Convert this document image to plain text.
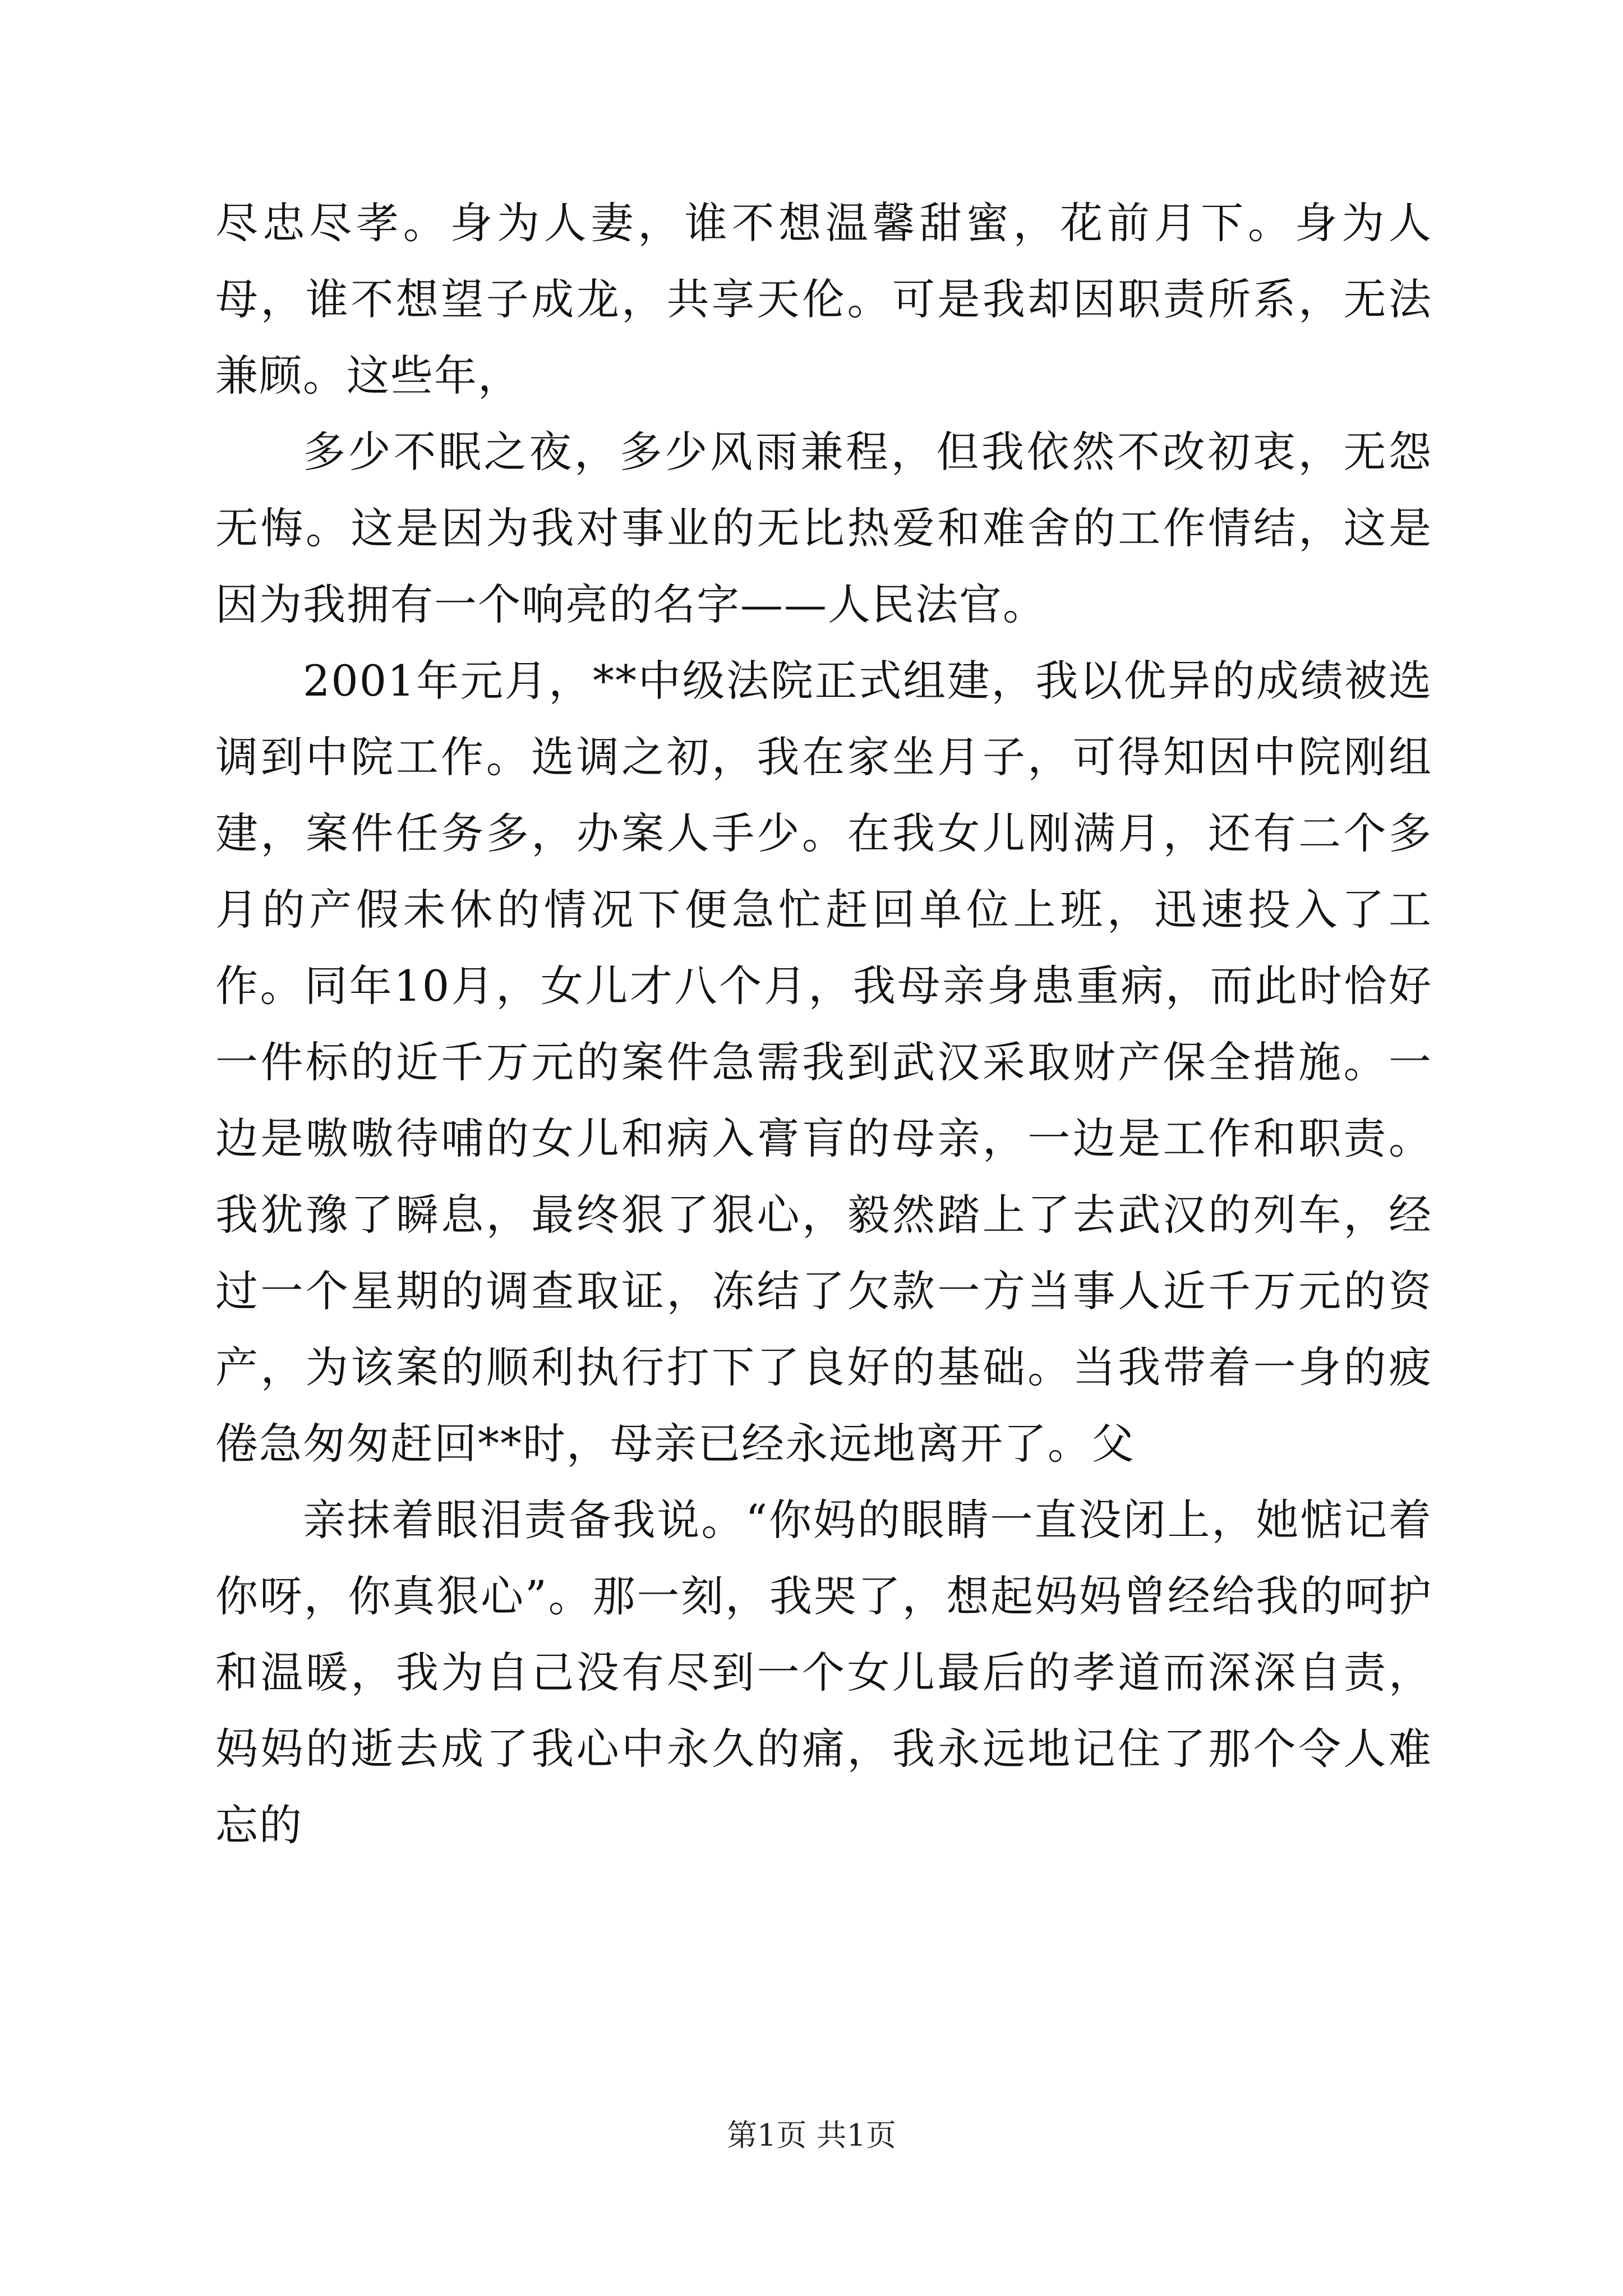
尽忠尽孝。身为人妻，谁不想温馨甜蜜，花前月下。身为人母，谁不想望子成龙，共享天伦。可是我却因职责所系，无法兼顾。这些年，

多少不眠之夜，多少风雨兼程，但我依然不改初衷，无怨无悔。这是因为我对事业的无比热爱和难舍的工作情结，这是因为我拥有一个响亮的名字——人民法官。

2001年元月，**中级法院正式组建，我以优异的成绩被选调到中院工作。选调之初，我在家坐月子，可得知因中院刚组建，案件任务多，办案人手少。在我女儿刚满月，还有二个多月的产假未休的情况下便急忙赶回单位上班，迅速投入了工作。同年10月，女儿才八个月，我母亲身患重病，而此时恰好一件标的近千万元的案件急需我到武汉采取财产保全措施。一边是嗷嗷待哺的女儿和病入膏肓的母亲，一边是工作和职责。我犹豫了瞬息，最终狠了狠心，毅然踏上了去武汉的列车，经过一个星期的调查取证，冻结了欠款一方当事人近千万元的资产，为该案的顺利执行打下了良好的基础。当我带着一身的疲倦急匆匆赶回**时，母亲已经永远地离开了。父

亲抹着眼泪责备我说。“你妈的眼睛一直没闭上，她惦记着你呀，你真狠心”。那一刻，我哭了，想起妈妈曾经给我的呵护和温暖，我为自己没有尽到一个女儿最后的孝道而深深自责，妈妈的逝去成了我心中永久的痛，我永远地记住了那个令人难忘的

第1页 共1页
